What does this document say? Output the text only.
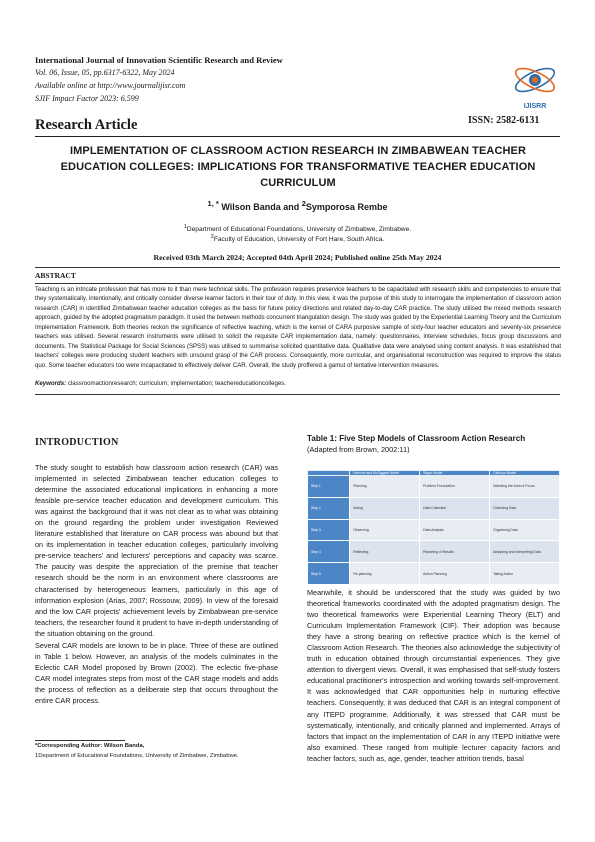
International Journal of Innovation Scientific Research and Review
Vol. 06, Issue, 05, pp.6317-6322, May 2024
Available online at http://www.journalijisr.com
SJIF Impact Factor 2023: 6.599
IJISRR
Research Article	ISSN: 2582-6131
IMPLEMENTATION OF CLASSROOM ACTION RESEARCH IN ZIMBABWEAN TEACHER EDUCATION COLLEGES: IMPLICATIONS FOR TRANSFORMATIVE TEACHER EDUCATION CURRICULUM
$^{1, *}$ Wilson Banda and $^2$Symporosa Rembe
$^1$Department of Educational Foundations, University of Zimbabwe, Zimbabwe.
$^2$Faculty of Education, University of Fort Hare, South Africa.
Received 03th March 2024; Accepted 04th April 2024; Published online 25th May 2024
ABSTRACT
Teaching is an intricate profession that has more to it than mere technical skills. The profession requires preservice teachers to be capacitated with research skills and competencies to ensure that they systematically, intentionally, and critically consider diverse learner factors in their tour of duty. In this view, it was the purpose of this study to interrogate the implementation of classroom action research (CAR) in identified Zimbabwean teacher education colleges as the basis for future policy directions and related day-to-day CAR practice. The study utilised the mixed methods research approach, guided by the adopted pragmatism paradigm. It used the between methods concurrent triangulation design. The study was guided by the Experiential Learning Theory and the Curriculum Implementation Framework. Both theories reckon the significance of reflective teaching, which is the kernel of CARA purposive sample of sixty-four teacher educators and seventy-six preservice teachers was utilised. Several research instruments were utilised to solicit the requisite CAR implementation data, namely: questionnaires, interview schedules, focus group discussions and documents. The Statistical Package for Social Sciences (SPSS) was utilised to summarise solicited quantitative data. Qualitative data were analysed using content analysis. It was established that teachers' colleges were producing student teachers with unsound grasp of the CAR process. Consequently, more curricular, and organisational reconstruction was required to improve the status quo. Some teacher educators too were incapacitated to effectively deliver CAR. Overall, the study proffered a gamut of tentative intervention measures.
Keywords: classroomactionresearch; curriculum; implementation; teachereducationcolleges.
INTRODUCTION
The study sought to establish how classroom action research (CAR) was implemented in selected Zimbabwean teacher education colleges to determine the associated educational implications in enhancing a more feasible pre-service teacher education and development curriculum. This was against the background that it was not clear as to what was obtaining on the ground regarding the problem under investigation Reviewed literature established that literature on CAR process was abound but that on its implementation in teacher education colleges, particularly involving pre-service teachers' and lecturers' perceptions and capacity was scarce. The paucity was despite the appreciation of the premise that teacher research should be the norm in an environment where classrooms are characterised by heterogeneous learners, particularly in this age of information explosion (Arias, 2007; Rossouw, 2009). In view of the foresaid and the low CAR projects' achievement levels by Zimbabwean pre-service teachers, the researcher found it prudent to have in-depth understanding of the situation obtaining on the ground.
Several CAR models are known to be in place. Three of these are outlined in Table 1 below. However, an analysis of the models culminates in the Eclectic CAR Model proposed by Brown (2002). The eclectic five-phase CAR model integrates steps from most of the CAR stage models and adds the process of reflection as a deliberate step that occurs throughout the entire CAR process.
*Corresponding Author: Wilson Banda,
1Department of Educational Foundations, University of Zimbabwe, Zimbabwe.
Table 1: Five Step Models of Classroom Action Research
(Adapted from Brown, 2002:11)
	Kemmis and McTaggart Model	Sagor Model	Calhoun Model
Step 1	Planning	Problem Formulation	Selecting the Area of Focus
Step 2	Acting	Data Collection	Collecting Data
Step 3	Observing	Data Analysis	Organising Data
Step 4	Reflecting	Reporting of Results	Analysing and Interpreting Data
Step 5	Re-planning	Action Planning	Taking Action
Meanwhile, it should be underscored that the study was guided by two theoretical frameworks coordinated with the adopted pragmatism design. The two theoretical frameworks were Experiential Learning Theory (ELT) and Curriculum Implementation Framework (CIF). Their adoption was because they have a strong bearing on reflective practice which is the kernel of Classroom Action Research. The theories also acknowledge the subjectivity of truth in education obtained through circumstantial experiences. They give attention to divergent views. Overall, it was emphasised that self-study fosters educational practitioner's introspection and working towards self-improvement. It was acknowledged that CAR opportunities help in nurturing effective teachers. Consequently, it was deduced that CAR is an integral component of any ITEPD programme. Additionally, it was stressed that CAR must be systematically, intentionally, and critically planned and implemented. Arrays of factors that impact on the implementation of CAR in any ITEPD initiative were also examined. These ranged from multiple lecturer capacity factors and teacher factors, such as, age, gender, teacher attrition trends, basal
